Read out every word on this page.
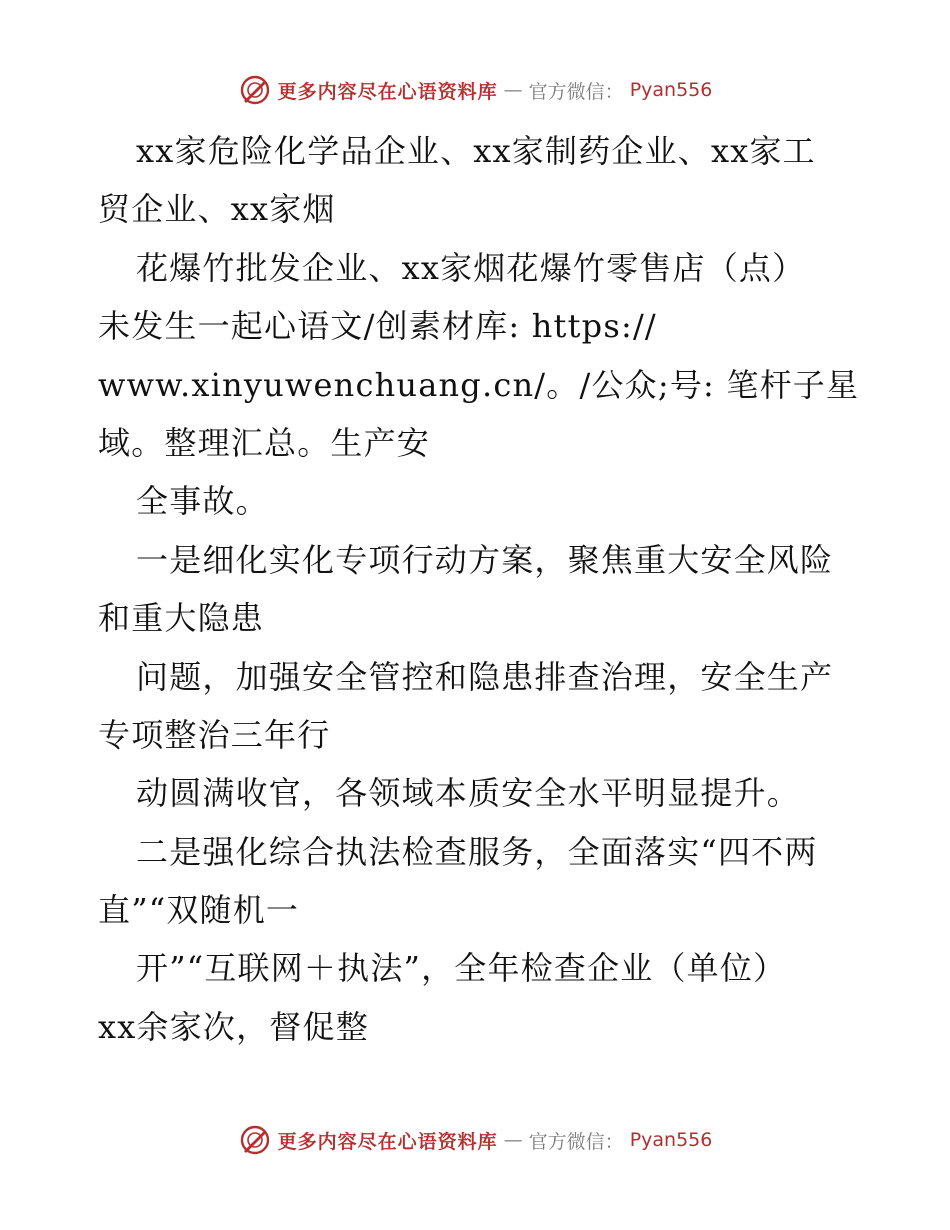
更多内容尽在心语资料库 — 官方微信： Pyan556
xx家危险化学品企业、xx家制药企业、xx家工
贸企业、xx家烟
花爆竹批发企业、xx家烟花爆竹零售店（点）
未发生一起心语文/创素材库: https://
www.xinyuwenchuang.cn/。/公众;号: 笔杆子星
域。整理汇总。生产安
全事故。
一是细化实化专项行动方案，聚焦重大安全风险
和重大隐患
问题，加强安全管控和隐患排查治理，安全生产
专项整治三年行
动圆满收官，各领域本质安全水平明显提升。
二是强化综合执法检查服务，全面落实“四不两
直”“双随机一
开”“互联网＋执法”，全年检查企业（单位）
xx余家次，督促整
更多内容尽在心语资料库 — 官方微信： Pyan556
